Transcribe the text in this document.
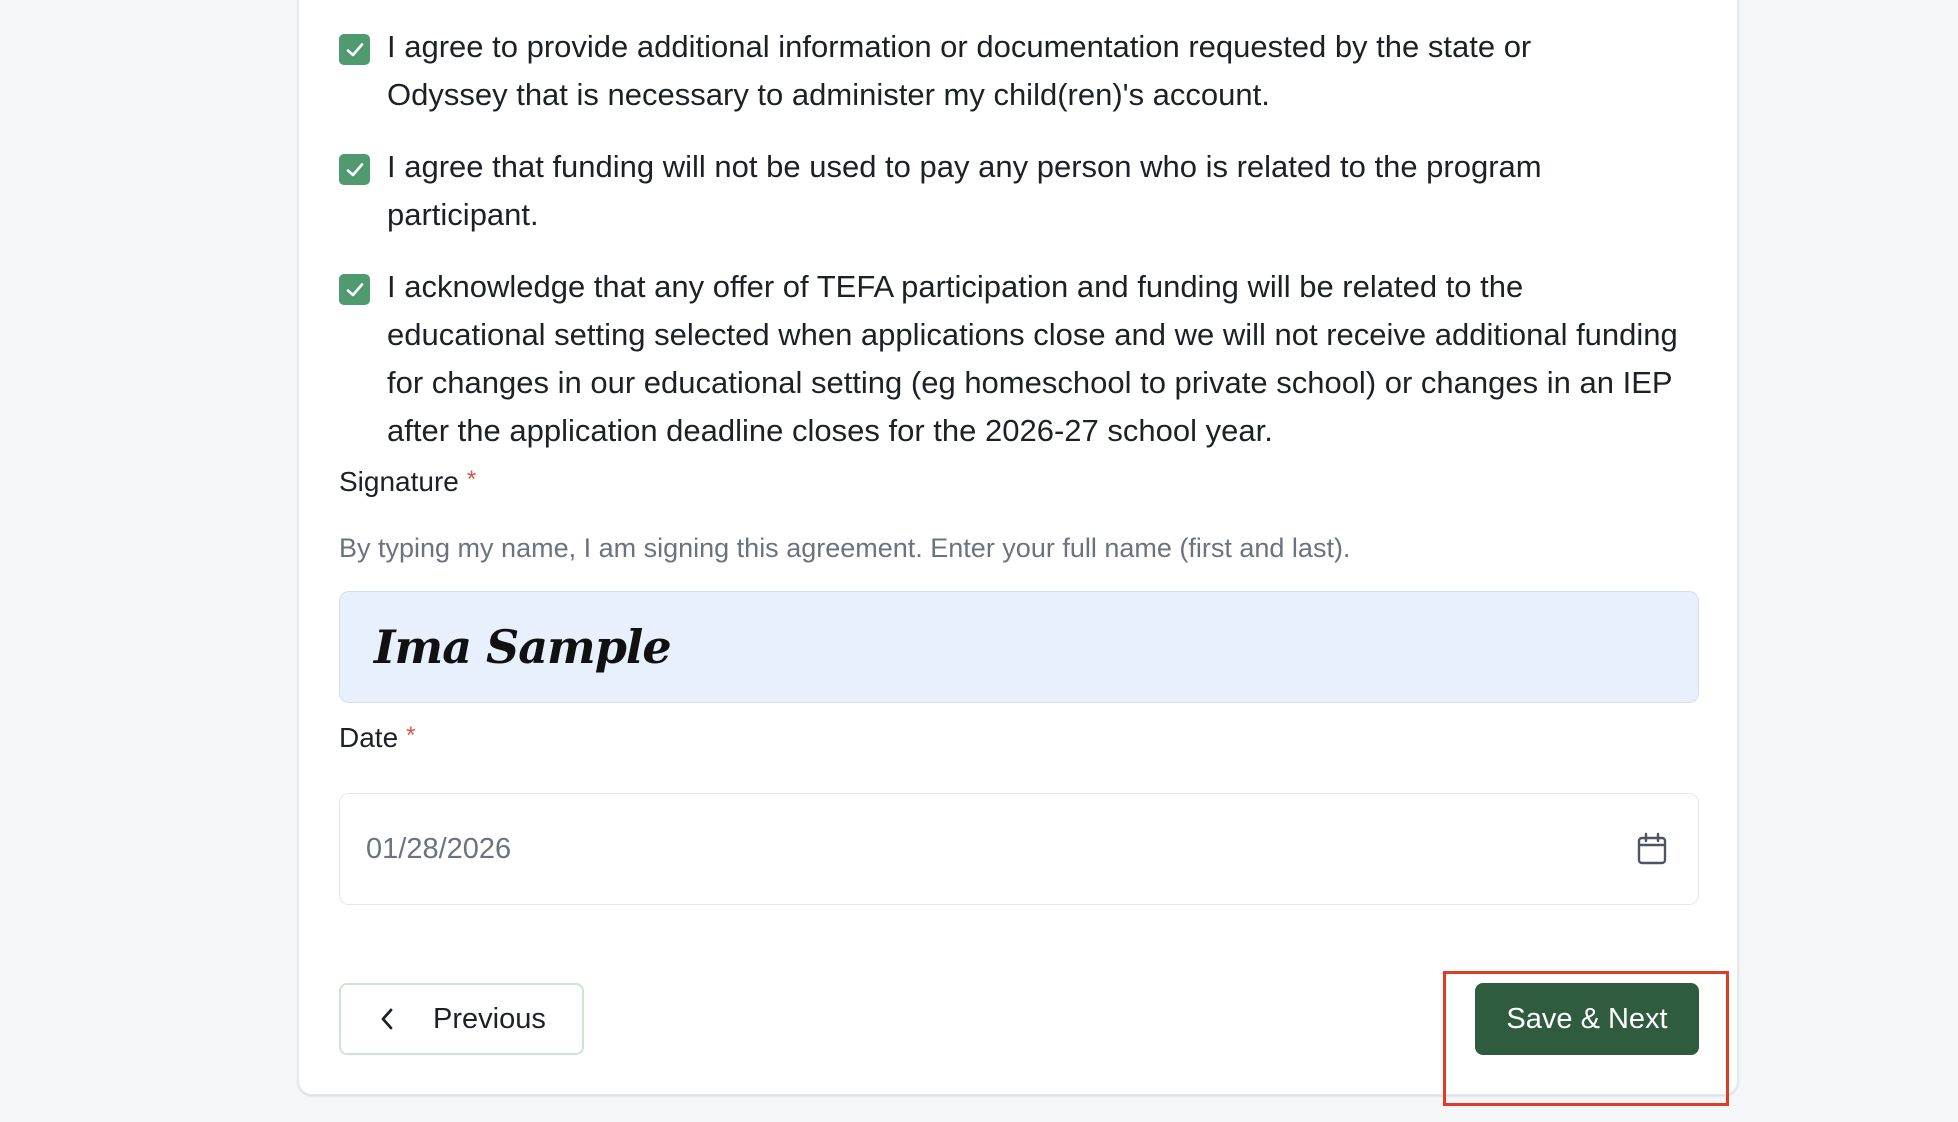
I agree to provide additional information or documentation requested by the state or Odyssey that is necessary to administer my child(ren)'s account.
I agree that funding will not be used to pay any person who is related to the program participant.
I acknowledge that any offer of TEFA participation and funding will be related to the educational setting selected when applications close and we will not receive additional funding for changes in our educational setting (eg homeschool to private school) or changes in an IEP after the application deadline closes for the 2026-27 school year.
Signature *
By typing my name, I am signing this agreement. Enter your full name (first and last).
Ima Sample
Date *
01/28/2026
Previous	Save & Next
